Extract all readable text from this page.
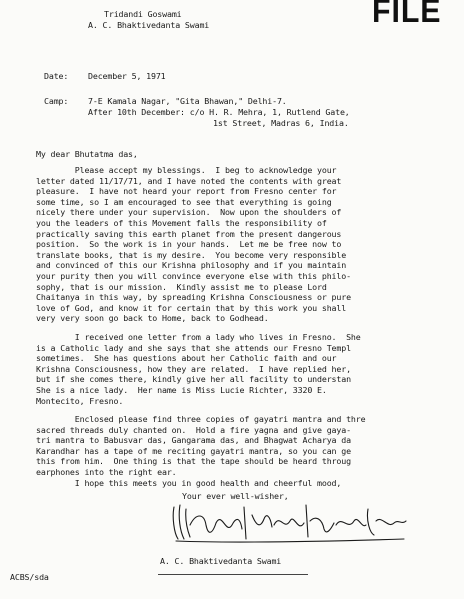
FILE
Tridandi Goswami
A. C. Bhaktivedanta Swami
Date: December 5, 1971
Camp: 7-E Kamala Nagar, "Gita Bhawan," Delhi-7.
After 10th December: c/o H. R. Mehra, 1, Rutlend Gate,
1st Street, Madras 6, India.
My dear Bhutatma das,
Please accept my blessings.  I beg to acknowledge your
letter dated 11/17/71, and I have noted the contents with great
pleasure.  I have not heard your report from Fresno center for
some time, so I am encouraged to see that everything is going
nicely there under your supervision.  Now upon the shoulders of
you the leaders of this Movement falls the responsibility of
practically saving this earth planet from the present dangerous
position.  So the work is in your hands.  Let me be free now to
translate books, that is my desire.  You become very responsible
and convinced of this our Krishna philosophy and if you maintain
your purity then you will convince everyone else with this philo-
sophy, that is our mission.  Kindly assist me to please Lord
Chaitanya in this way, by spreading Krishna Consciousness or pure
love of God, and know it for certain that by this work you shall
very very soon go back to Home, back to Godhead.
I received one letter from a lady who lives in Fresno.  She
is a Catholic lady and she says that she attends our Fresno Templ
sometimes.  She has questions about her Catholic faith and our
Krishna Consciousness, how they are related.  I have replied her,
but if she comes there, kindly give her all facility to understan
She is a nice lady.  Her name is Miss Lucie Richter, 3320 E.
Montecito, Fresno.
Enclosed please find three copies of gayatri mantra and thre
sacred threads duly chanted on.  Hold a fire yagna and give gaya-
tri mantra to Babusvar das, Gangarama das, and Bhagwat Acharya da
Karandhar has a tape of me reciting gayatri mantra, so you can ge
this from him.  One thing is that the tape should be heard throug
earphones into the right ear.
I hope this meets you in good health and cheerful mood,
Your ever well-wisher,

A. C. Bhaktivedanta Swami
ACBS/sda
